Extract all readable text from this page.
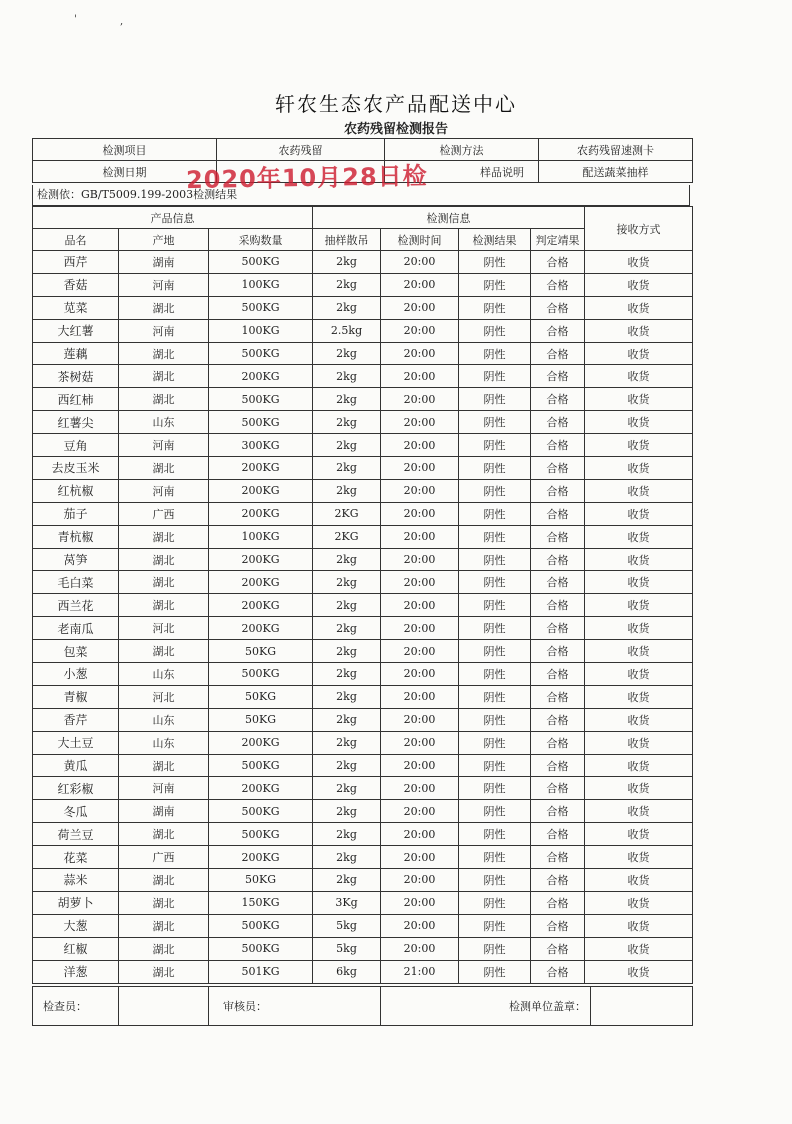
'	,
轩农生态农产品配送中心
农药残留检测报告
检测项目	农药残留	检测方法	农药残留速测卡
检测日期		样品说明	配送蔬菜抽样
检测依：GB/T5009.199-2003检测结果
产品信息			检测信息				接收方式
品名	产地	采购数量	抽样散吊	检测时间	检测结果	判定靖果	
西芹	湖南	500KG	2kg	20:00	阴性	合格	收货
香菇	河南	100KG	2kg	20:00	阴性	合格	收货
苋菜	湖北	500KG	2kg	20:00	阴性	合格	收货
大红薯	河南	100KG	2.5kg	20:00	阴性	合格	收货
莲藕	湖北	500KG	2kg	20:00	阴性	合格	收货
茶树菇	湖北	200KG	2kg	20:00	阴性	合格	收货
西红柿	湖北	500KG	2kg	20:00	阴性	合格	收货
红薯尖	山东	500KG	2kg	20:00	阴性	合格	收货
豆角	河南	300KG	2kg	20:00	阴性	合格	收货
去皮玉米	湖北	200KG	2kg	20:00	阴性	合格	收货
红杭椒	河南	200KG	2kg	20:00	阴性	合格	收货
茄子	广西	200KG	2KG	20:00	阴性	合格	收货
青杭椒	湖北	100KG	2KG	20:00	阴性	合格	收货
莴笋	湖北	200KG	2kg	20:00	阴性	合格	收货
毛白菜	湖北	200KG	2kg	20:00	阴性	合格	收货
西兰花	湖北	200KG	2kg	20:00	阴性	合格	收货
老南瓜	河北	200KG	2kg	20:00	阴性	合格	收货
包菜	湖北	50KG	2kg	20:00	阴性	合格	收货
小葱	山东	500KG	2kg	20:00	阴性	合格	收货
青椒	河北	50KG	2kg	20:00	阴性	合格	收货
香芹	山东	50KG	2kg	20:00	阴性	合格	收货
大土豆	山东	200KG	2kg	20:00	阴性	合格	收货
黄瓜	湖北	500KG	2kg	20:00	阴性	合格	收货
红彩椒	河南	200KG	2kg	20:00	阴性	合格	收货
冬瓜	湖南	500KG	2kg	20:00	阴性	合格	收货
荷兰豆	湖北	500KG	2kg	20:00	阴性	合格	收货
花菜	广西	200KG	2kg	20:00	阴性	合格	收货
蒜米	湖北	50KG	2kg	20:00	阴性	合格	收货
胡萝卜	湖北	150KG	3Kg	20:00	阴性	合格	收货
大葱	湖北	500KG	5kg	20:00	阴性	合格	收货
红椒	湖北	500KG	5kg	20:00	阴性	合格	收货
洋葱	湖北	501KG	6kg	21:00	阴性	合格	收货
检查员：		审核员：	检测单位盖章：	
2020年10月28日检
